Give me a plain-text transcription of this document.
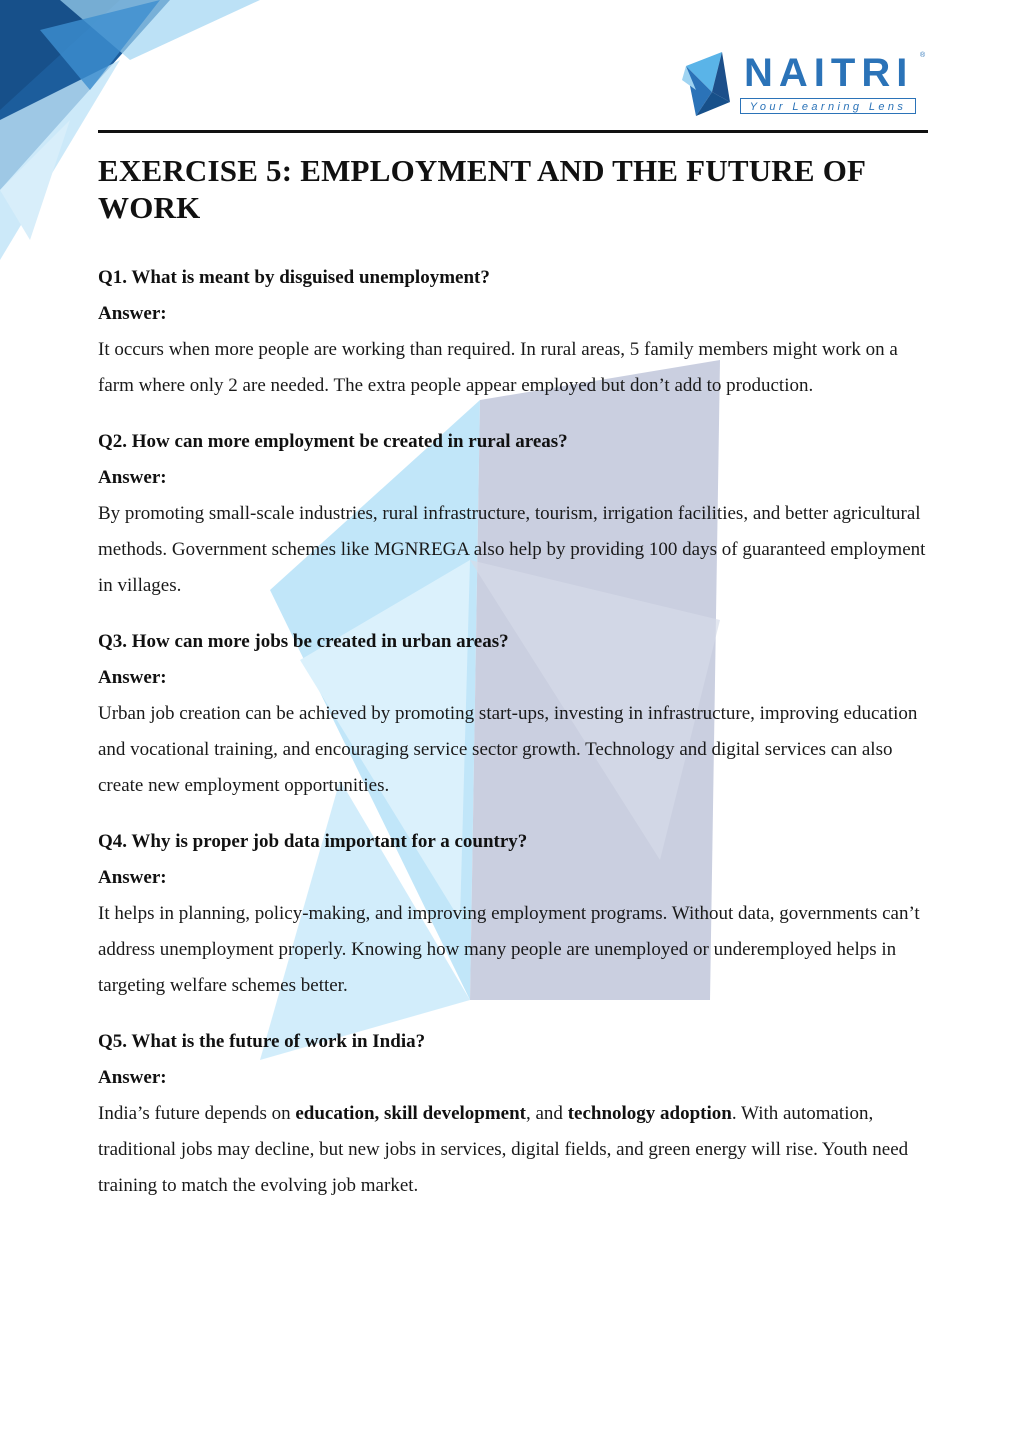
NAITRI ®
Your Learning Lens
EXERCISE 5: EMPLOYMENT AND THE FUTURE OF WORK

Q1. What is meant by disguised unemployment?

Answer:

It occurs when more people are working than required. In rural areas, 5 family members might work on a farm where only 2 are needed. The extra people appear employed but don’t add to production.

Q2. How can more employment be created in rural areas?

Answer:

By promoting small-scale industries, rural infrastructure, tourism, irrigation facilities, and better agricultural methods. Government schemes like MGNREGA also help by providing 100 days of guaranteed employment in villages.

Q3. How can more jobs be created in urban areas?

Answer:

Urban job creation can be achieved by promoting start-ups, investing in infrastructure, improving education and vocational training, and encouraging service sector growth. Technology and digital services can also create new employment opportunities.

Q4. Why is proper job data important for a country?

Answer:

It helps in planning, policy-making, and improving employment programs. Without data, governments can’t address unemployment properly. Knowing how many people are unemployed or underemployed helps in targeting welfare schemes better.

Q5. What is the future of work in India?

Answer:

India’s future depends on education, skill development, and technology adoption. With automation, traditional jobs may decline, but new jobs in services, digital fields, and green energy will rise. Youth need training to match the evolving job market.
